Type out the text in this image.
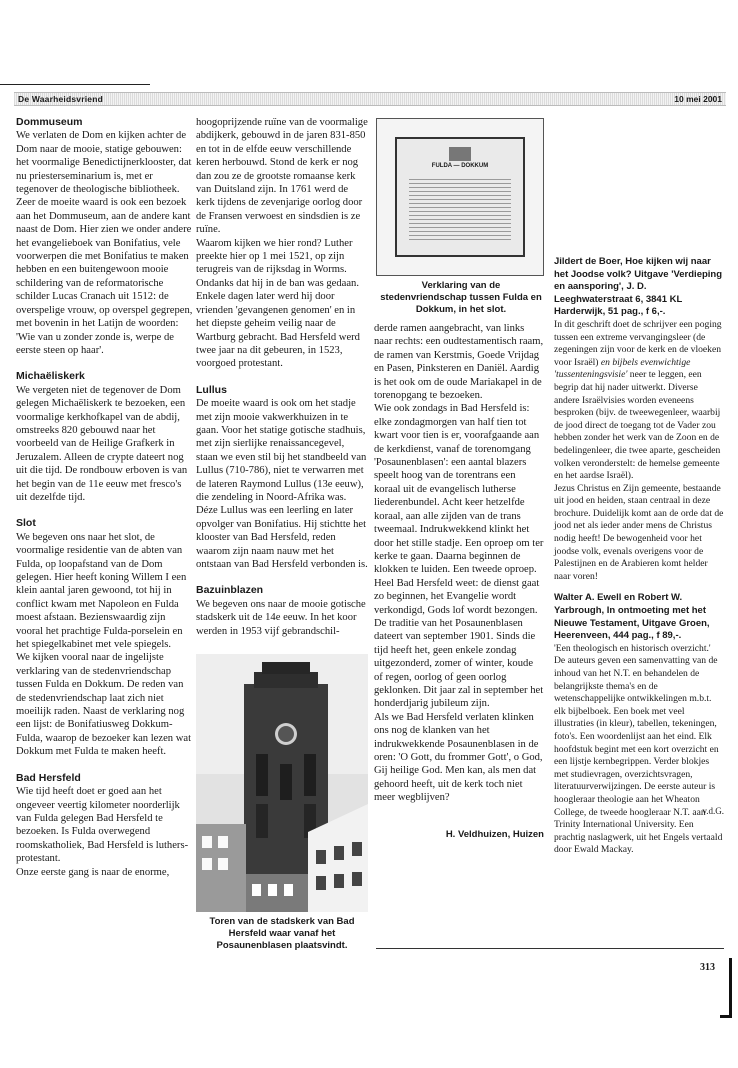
De Waarheidsvriend	10 mei 2001
Dommuseum

We verlaten de Dom en kijken achter de Dom naar de mooie, statige gebouwen: het voormalige Benedictijnerklooster, dat nu priesterseminarium is, met er tegenover de theologische bibliotheek.

Zeer de moeite waard is ook een bezoek aan het Dommuseum, aan de andere kant naast de Dom. Hier zien we onder andere het evangelieboek van Bonifatius, vele voorwerpen die met Bonifatius te maken hebben en een buitengewoon mooie schildering van de reformatorische schilder Lucas Cranach uit 1512: de overspelige vrouw, op overspel gegrepen, met bovenin in het Latijn de woorden: 'Wie van u zonder zonde is, werpe de eerste steen op haar'.

Michaëliskerk

We vergeten niet de tegenover de Dom gelegen Michaëliskerk te bezoeken, een voormalige kerkhofkapel van de abdij, omstreeks 820 gebouwd naar het voorbeeld van de Heilige Grafkerk in Jeruzalem. Alleen de crypte dateert nog uit die tijd. De rondbouw erboven is van het begin van de 11e eeuw met fresco's uit dezelfde tijd.

Slot

We begeven ons naar het slot, de voormalige residentie van de abten van Fulda, op loopafstand van de Dom gelegen. Hier heeft koning Willem I een klein aantal jaren gewoond, tot hij in conflict kwam met Napoleon en Fulda moest afstaan. Bezienswaardig zijn vooral het prachtige Fulda-porselein en het spiegelkabinet met vele spiegels.

We kijken vooral naar de ingelijste verklaring van de stedenvriendschap tussen Fulda en Dokkum. De reden van de stedenvriendschap laat zich niet moeilijk raden. Naast de verklaring nog een lijst: de Bonifatiusweg Dokkum-Fulda, waarop de bezoeker kan lezen wat Dokkum met Fulda te maken heeft.

Bad Hersfeld

Wie tijd heeft doet er goed aan het ongeveer veertig kilometer noorderlijk van Fulda gelegen Bad Hersfeld te bezoeken. Is Fulda overwegend roomskatholiek, Bad Hersfeld is luthers-protestant.

Onze eerste gang is naar de enorme,

hoogoprijzende ruïne van de voormalige abdijkerk, gebouwd in de jaren 831-850 en tot in de elfde eeuw verschillende keren herbouwd. Stond de kerk er nog dan zou ze de grootste romaanse kerk van Duitsland zijn. In 1761 werd de kerk tijdens de zevenjarige oorlog door de Fransen verwoest en sindsdien is ze ruïne.

Waarom kijken we hier rond? Luther preekte hier op 1 mei 1521, op zijn terugreis van de rijksdag in Worms. Ondanks dat hij in de ban was gedaan. Enkele dagen later werd hij door vrienden 'gevangenen genomen' en in het diepste geheim veilig naar de Wartburg gebracht. Bad Hersfeld werd twee jaar na dit gebeuren, in 1523, voorgoed protestant.

Lullus

De moeite waard is ook om het stadje met zijn mooie vakwerkhuizen in te gaan. Voor het statige gotische stadhuis, met zijn sierlijke renaissancegevel, staan we even stil bij het standbeeld van Lullus (710-786), niet te verwarren met de lateren Raymond Lullus (13e eeuw), die zendeling in Noord-Afrika was. Déze Lullus was een leerling en later opvolger van Bonifatius. Hij stichtte het klooster van Bad Hersfeld, reden waarom zijn naam nauw met het ontstaan van Bad Hersfeld verbonden is.

Bazuinblazen

We begeven ons naar de mooie gotische stadskerk uit de 14e eeuw. In het koor werden in 1953 vijf gebrandschil-

FULDA — DOKKUM
Verklaring van de stedenvriendschap tussen Fulda en Dokkum, in het slot.

derde ramen aangebracht, van links naar rechts: een oudtestamentisch raam, de ramen van Kerstmis, Goede Vrijdag en Pasen, Pinksteren en Daniël. Aardig is het ook om de oude Mariakapel in de torenopgang te bezoeken.

Wie ook zondags in Bad Hersfeld is: elke zondagmorgen van half tien tot kwart voor tien is er, voorafgaande aan de kerkdienst, vanaf de torenomgang 'Posaunenblasen': een aantal blazers speelt hoog van de torentrans een koraal uit de evangelisch lutherse liederenbundel. Acht keer hetzelfde koraal, aan alle zijden van de trans tweemaal. Indrukwekkend klinkt het door het stille stadje. Een oproep om ter kerke te gaan. Daarna beginnen de klokken te luiden. Een tweede oproep. Heel Bad Hersfeld weet: de dienst gaat zo beginnen, het Evangelie wordt verkondigd, Gods lof wordt bezongen.

De traditie van het Posaunenblasen dateert van september 1901. Sinds die tijd heeft het, geen enkele zondag uitgezonderd, zomer of winter, koude of regen, oorlog of geen oorlog geklonken. Dit jaar zal in september het honderdjarig jubileum zijn.

Als we Bad Hersfeld verlaten klinken ons nog de klanken van het indrukwekkende Posaunenblasen in de oren: 'O Gott, du frommer Gott', o God, Gij heilige God. Men kan, als men dat gehoord heeft, uit de kerk toch niet meer wegblijven?

H. Veldhuizen, Huizen
Toren van de stadskerk van Bad Hersfeld waar vanaf het Posaunenblasen plaatsvindt.

Jildert de Boer, Hoe kijken wij naar het Joodse volk? Uitgave 'Verdieping en aansporing', J. D. Leeghwaterstraat 6, 3841 KL Harderwijk, 51 pag., f 6,-.

In dit geschrift doet de schrijver een poging tussen een extreme vervangingsleer (de zegeningen zijn voor de kerk en de vloeken voor Israël) en bijbels evenwichtige 'tussenteningsvisie' neer te leggen, een begrip dat hij nader uitwerkt. Diverse andere Israëlvisies worden eveneens besproken (bijv. de tweewegenleer, waarbij de jood direct de toegang tot de Vader zou hebben zonder het werk van de Zoon en de bedelingenleer, die twee aparte, gescheiden volken veronderstelt: de hemelse gemeente en het aardse Israël).

Jezus Christus en Zijn gemeente, bestaande uit jood en heiden, staan centraal in deze brochure. Duidelijk komt aan de orde dat de jood net als ieder ander mens de Christus nodig heeft! De bewogenheid voor het joodse volk, evenals overigens voor de Palestijnen en de Arabieren komt helder naar voren!

Walter A. Ewell en Robert W. Yarbrough, In ontmoeting met het Nieuwe Testament, Uitgave Groen, Heerenveen, 444 pag., f 89,-.

'Een theologisch en historisch overzicht.' De auteurs geven een samenvatting van de inhoud van het N.T. en behandelen de belangrijkste thema's en de wetenschappelijke ontwikkelingen m.b.t. elk bijbelboek. Een boek met veel illustraties (in kleur), tabellen, tekeningen, foto's. Een woordenlijst aan het eind. Elk hoofdstuk begint met een kort overzicht en een lijstje kernbegrippen. Verder blokjes met studievragen, overzichtsvragen, literatuurverwijzingen. De eerste auteur is hoogleraar theologie aan het Wheaton College, de tweede hoogleraar N.T. aan Trinity International University. Een prachtig naslagwerk, uit het Engels vertaald door Ewald Mackay.

v.d.G.
313
